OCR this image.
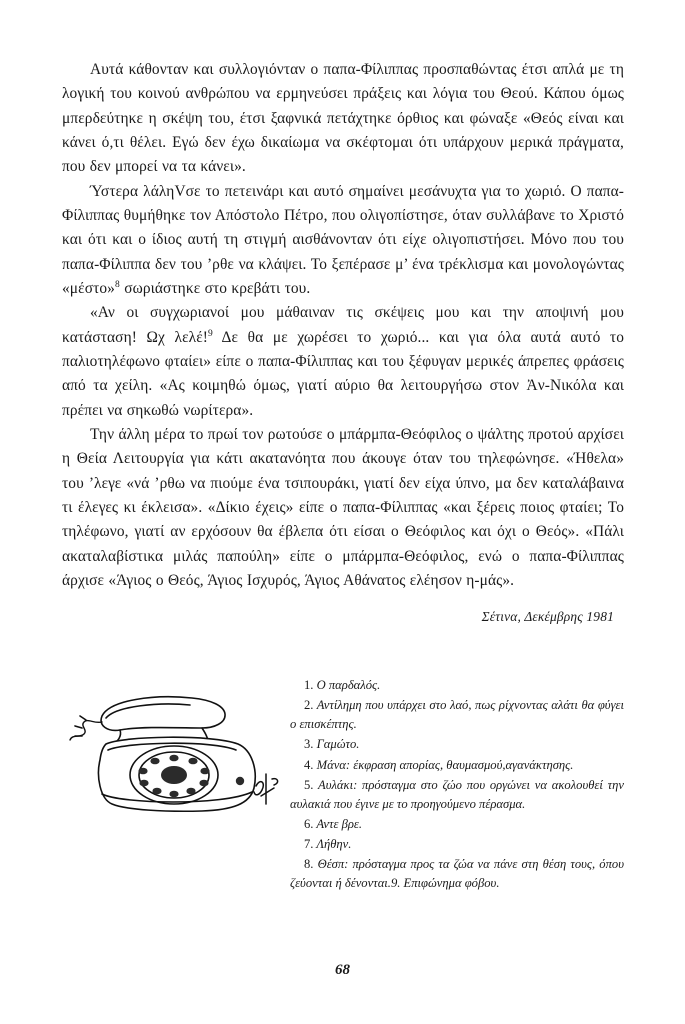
Αυτά κάθονταν και συλλογιόνταν ο παπα-Φίλιππας προσπαθώντας έτσι απλά με τη λογική του κοινού ανθρώπου να ερμηνεύσει πράξεις και λόγια του Θεού. Κάπου όμως μπερδεύτηκε η σκέψη του, έτσι ξαφνικά πετάχτηκε όρθιος και φώναξε «Θεός είναι και κάνει ό,τι θέλει. Εγώ δεν έχω δικαίωμα να σκέφτομαι ότι υπάρχουν μερικά πράγματα, που δεν μπορεί να τα κάνει».

Ύστερα λάληVσε το πετεινάρι και αυτό σημαίνει μεσάνυχτα για το χωριό. Ο παπα-Φίλιππας θυμήθηκε τον Απόστολο Πέτρο, που ολιγοπίστησε, όταν συλλάβανε το Χριστό και ότι και ο ίδιος αυτή τη στιγμή αισθάνονταν ότι είχε ολιγοπιστήσει. Μόνο που του παπα-Φίλιππα δεν του ’ρθε να κλάψει. Το ξεπέρασε μ’ ένα τρέκλισμα και μονολογώντας «μέστο»$^8$ σωριάστηκε στο κρεβάτι του.

«Αν οι συγχωριανοί μου μάθαιναν τις σκέψεις μου και την αποψινή μου κατάσταση! Ωχ λελέ!$^9$ Δε θα με χωρέσει το χωριό... και για όλα αυτά αυτό το παλιοτηλέφωνο φταίει» είπε ο παπα-Φίλιππας και του ξέφυγαν μερικές άπρεπες φράσεις από τα χείλη. «Ας κοιμηθώ όμως, γιατί αύριο θα λειτουργήσω στον Ἀν-Νικόλα και πρέπει να σηκωθώ νωρίτερα».

Την άλλη μέρα το πρωί τον ρωτούσε ο μπάρμπα-Θεόφιλος ο ψάλτης προτού αρχίσει η Θεία Λειτουργία για κάτι ακατανόητα που άκουγε όταν του τηλεφώνησε. «Ήθελα» του ’λεγε «νά ’ρθω να πιούμε ένα τσιπουράκι, γιατί δεν είχα ύπνο, μα δεν καταλάβαινα τι έλεγες κι έκλεισα». «Δίκιο έχεις» είπε ο παπα-Φίλιππας «και ξέρεις ποιος φταίει; Το τηλέφωνο, γιατί αν ερχόσουν θα έβλεπα ότι είσαι ο Θεόφιλος και όχι ο Θεός». «Πάλι ακαταλαβίστικα μιλάς παπούλη» είπε ο μπάρμπα-Θεόφιλος, ενώ ο παπα-Φίλιππας άρχισε «Άγιος ο Θεός, Άγιος Ισχυρός, Άγιος Αθάνατος ελέησον η-μάς».

Σέτινα, Δεκέμβρης 1981

1. Ο παρδαλός.

2. Αντίλημη που υπάρχει στο λαό, πως ρίχνοντας αλάτι θα φύγει ο επισκέπτης.

3. Γαμώτο.

4. Μάνα: έκφραση απορίας, θαυμασμού,αγανάκτησης.

5. Αυλάκι: πρόσταγμα στο ζώο που οργώνει να ακολουθεί την αυλακιά που έγινε με το προηγούμενο πέρασμα.

6. Αντε βρε.

7. Λήθην.

8. Θέσπ: πρόσταγμα προς τα ζώα να πάνε στη θέση τους, όπου ζεύονται ή δένονται.9. Επιφώνημα φόβου.

68
